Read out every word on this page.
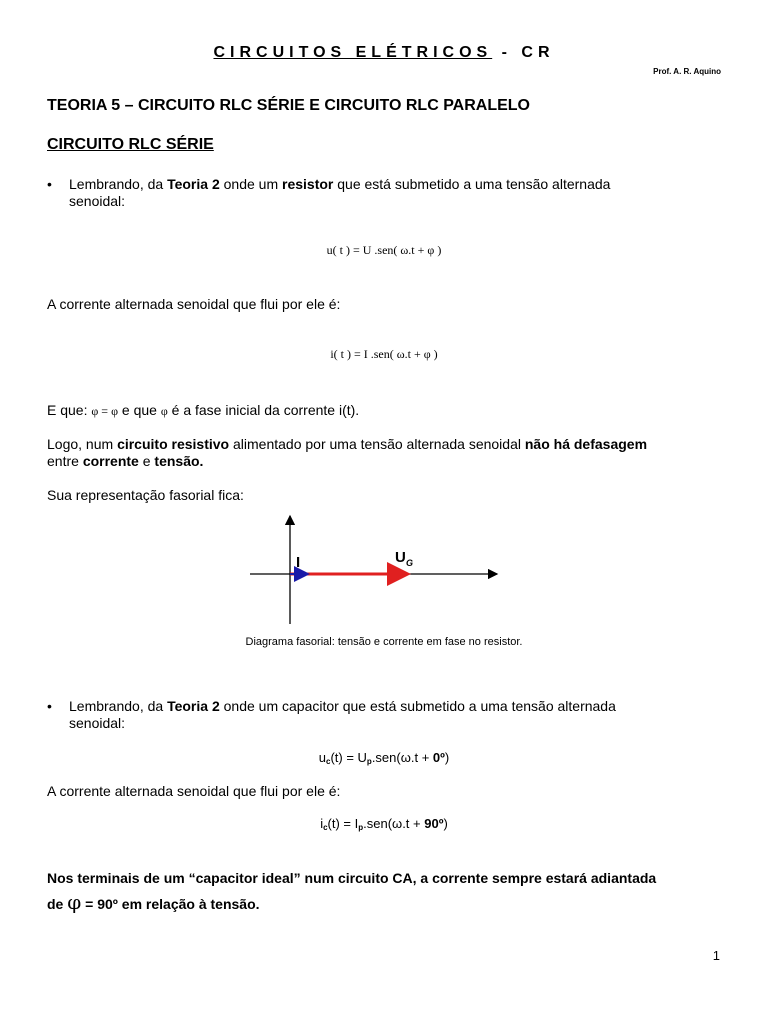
CIRCUITOS ELÉTRICOS - CR
Prof. A. R. Aquino
TEORIA 5 – CIRCUITO RLC SÉRIE E CIRCUITO RLC PARALELO
CIRCUITO RLC SÉRIE
• Lembrando, da Teoria 2 onde um resistor que está submetido a uma tensão alternada
senoidal:
u( t ) = U .sen( ω.t + φ )
A corrente alternada senoidal que flui por ele é:
i( t ) = I .sen( ω.t + φ )
E que: φ = φ e que φ é a fase inicial da corrente i(t).
Logo, num circuito resistivo alimentado por uma tensão alternada senoidal não há defasagem
entre corrente e tensão.
Sua representação fasorial fica:
I	U G
Diagrama fasorial: tensão e corrente em fase no resistor.
• Lembrando, da Teoria 2 onde um capacitor que está submetido a uma tensão alternada
senoidal:
uc(t) = Up.sen(ω.t + 0º)
A corrente alternada senoidal que flui por ele é:
ic(t) = Ip.sen(ω.t + 90º)
Nos terminais de um “capacitor ideal” num circuito CA, a corrente sempre estará adiantada
de φ = 90º em relação à tensão.
1
